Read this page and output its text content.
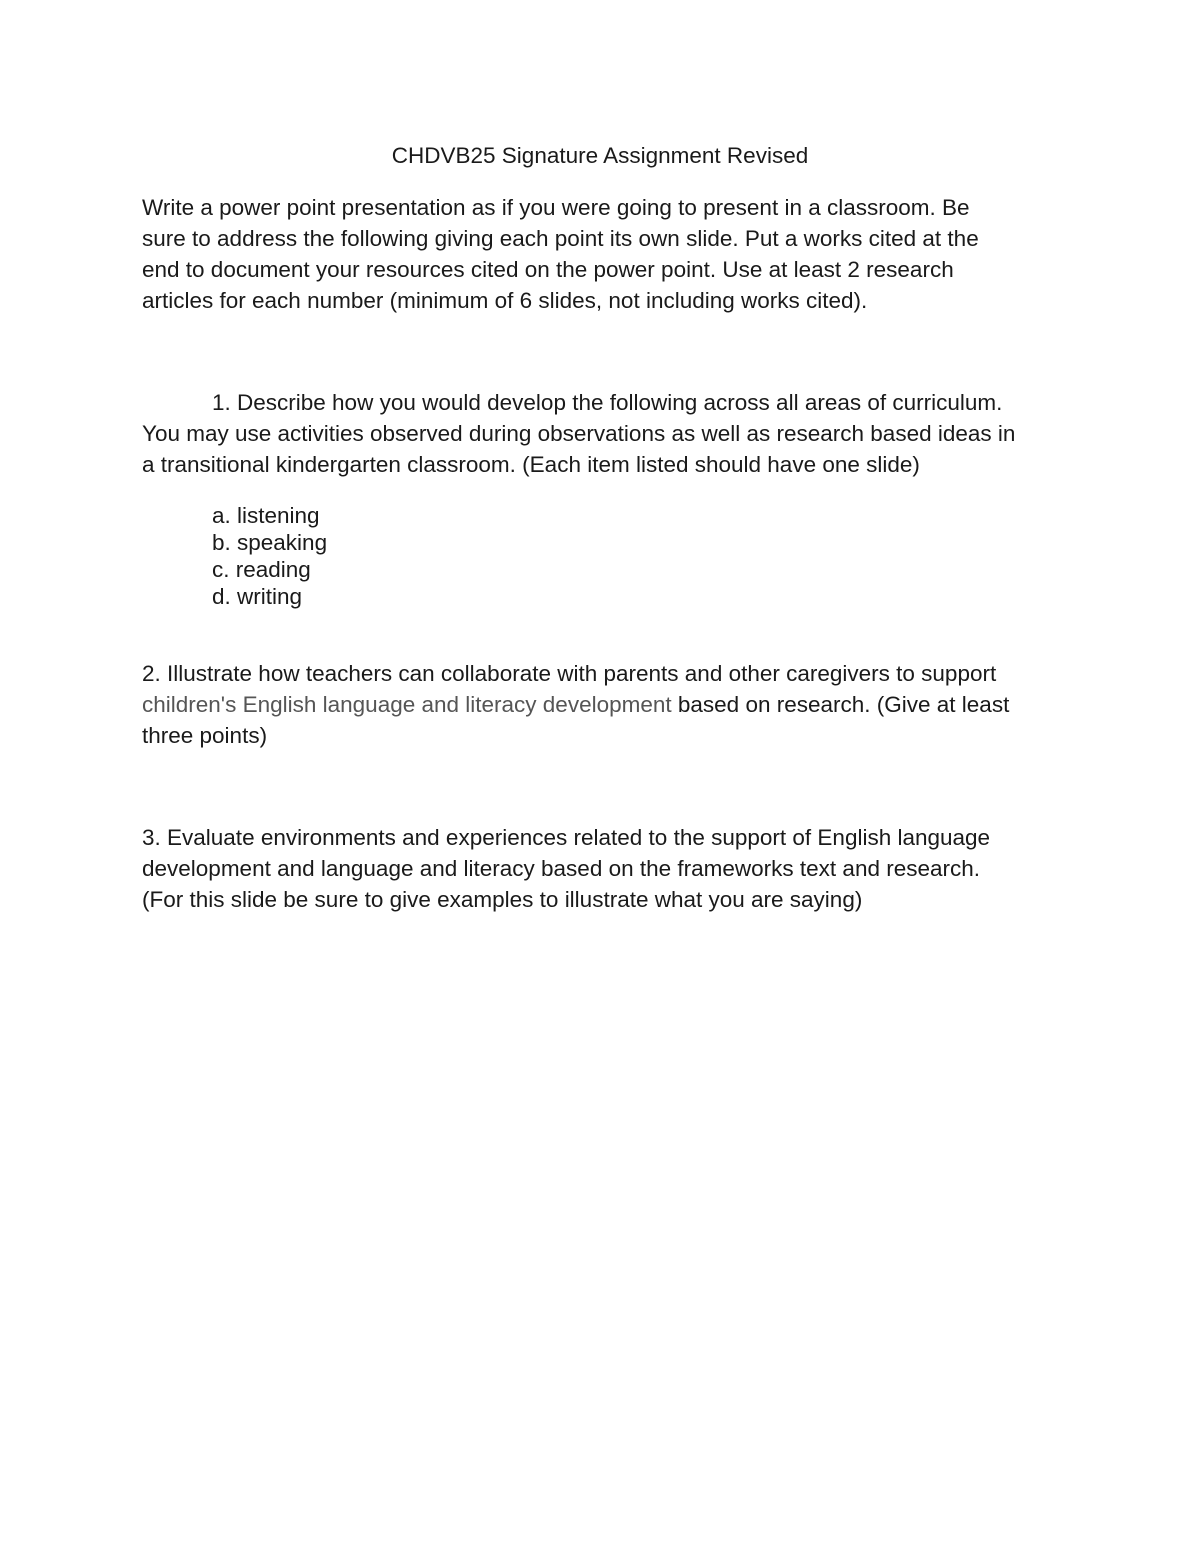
CHDVB25 Signature Assignment Revised
Write a power point presentation as if you were going to present in a classroom. Be
sure to address the following giving each point its own slide. Put a works cited at the
end to document your resources cited on the power point. Use at least 2 research
articles for each number (minimum of 6 slides, not including works cited).
1. Describe how you would develop the following across all areas of curriculum.
You may use activities observed during observations as well as research based ideas in
a transitional kindergarten classroom. (Each item listed should have one slide)
a. listening
b. speaking
c. reading
d. writing
2. Illustrate how teachers can collaborate with parents and other caregivers to support
children's English language and literacy development based on research. (Give at least
three points)
3. Evaluate environments and experiences related to the support of English language
development and language and literacy based on the frameworks text and research.
(For this slide be sure to give examples to illustrate what you are saying)
